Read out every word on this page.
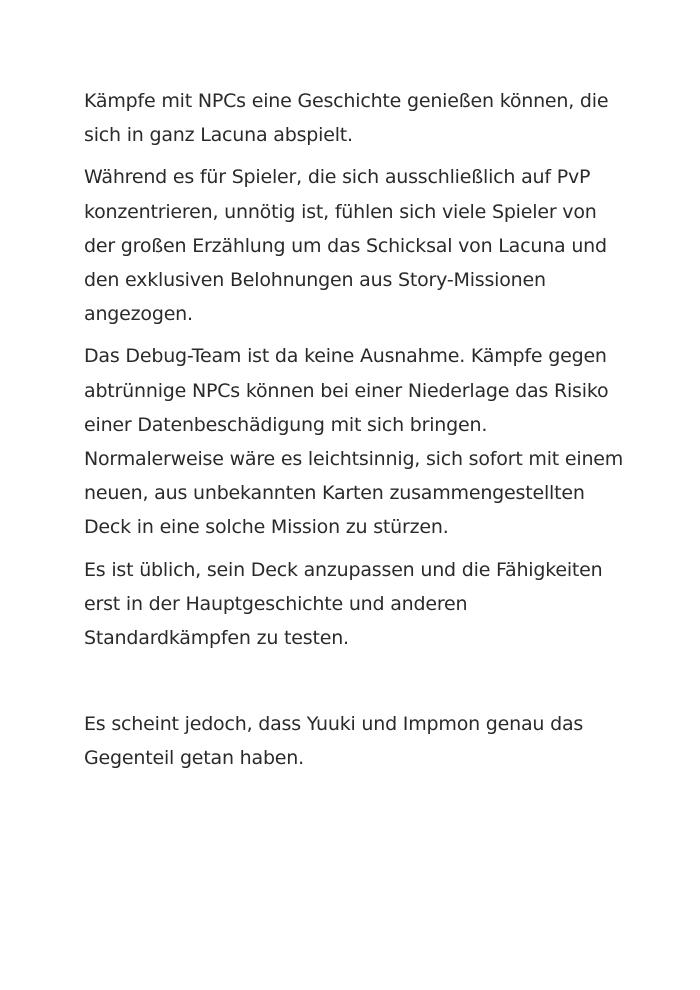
Kämpfe mit NPCs eine Geschichte genießen können, die sich in ganz Lacuna abspielt.

Während es für Spieler, die sich ausschließlich auf PvP konzentrieren, unnötig ist, fühlen sich viele Spieler von der großen Erzählung um das Schicksal von Lacuna und den exklusiven Belohnungen aus Story-Missionen angezogen.

Das Debug-Team ist da keine Ausnahme. Kämpfe gegen abtrünnige NPCs können bei einer Niederlage das Risiko einer Datenbeschädigung mit sich bringen. Normalerweise wäre es leichtsinnig, sich sofort mit einem neuen, aus unbekannten Karten zusammengestellten Deck in eine solche Mission zu stürzen.

Es ist üblich, sein Deck anzupassen und die Fähigkeiten erst in der Hauptgeschichte und anderen Standardkämpfen zu testen.

Es scheint jedoch, dass Yuuki und Impmon genau das Gegenteil getan haben.
